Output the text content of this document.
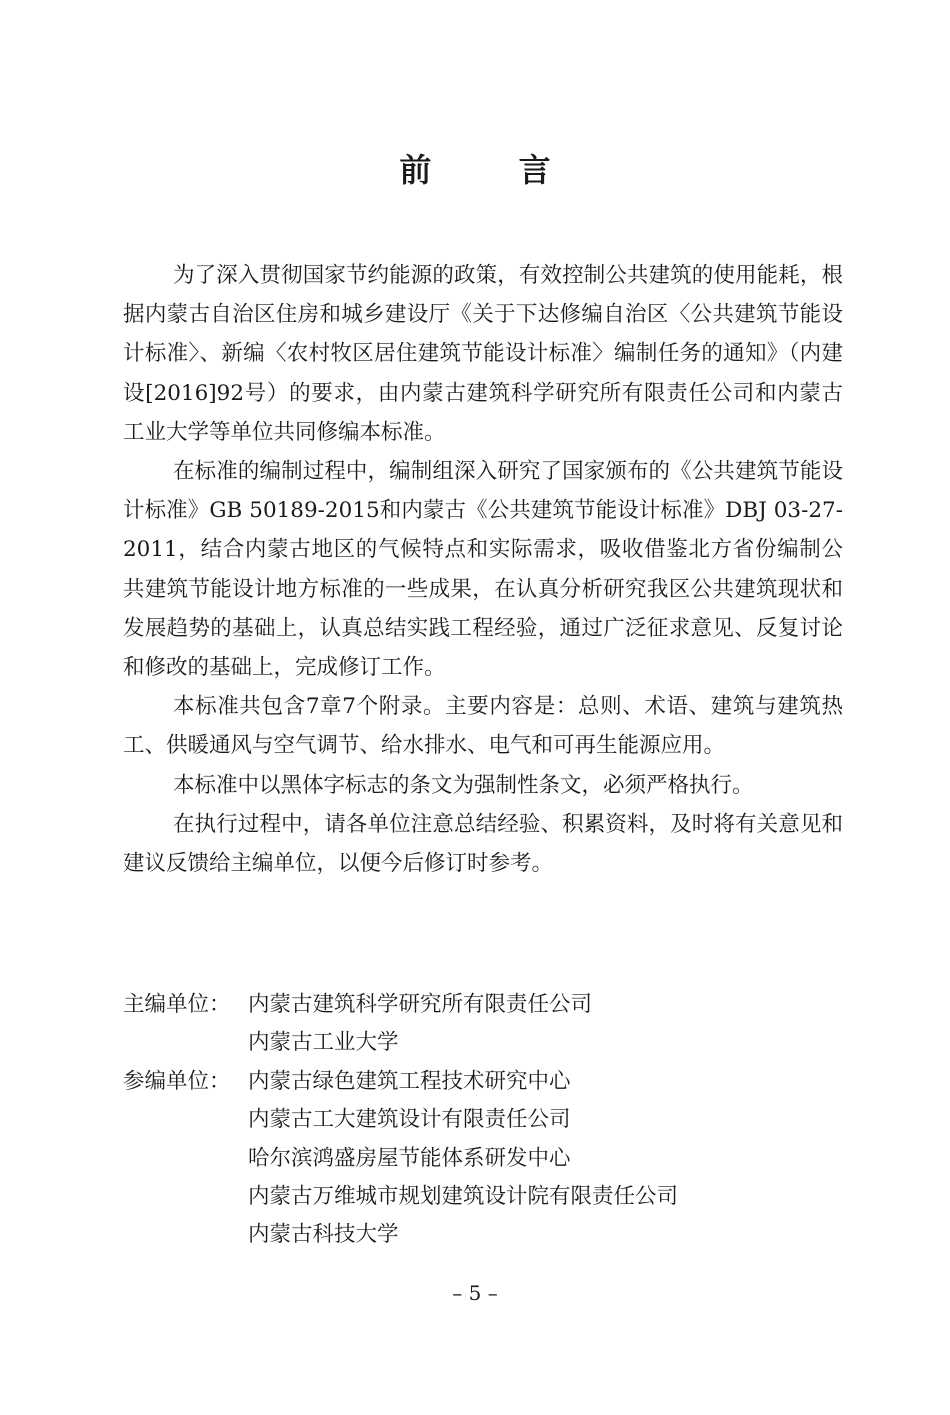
前 言

为了深入贯彻国家节约能源的政策，有效控制公共建筑的使用能耗，根据内蒙古自治区住房和城乡建设厅《关于下达修编自治区〈公共建筑节能设计标准〉、新编〈农村牧区居住建筑节能设计标准〉编制任务的通知》（内建设[2016]92号）的要求，由内蒙古建筑科学研究所有限责任公司和内蒙古工业大学等单位共同修编本标准。

在标准的编制过程中，编制组深入研究了国家颁布的《公共建筑节能设计标准》GB 50189-2015和内蒙古《公共建筑节能设计标准》DBJ 03-27-2011，结合内蒙古地区的气候特点和实际需求，吸收借鉴北方省份编制公共建筑节能设计地方标准的一些成果，在认真分析研究我区公共建筑现状和发展趋势的基础上，认真总结实践工程经验，通过广泛征求意见、反复讨论和修改的基础上，完成修订工作。

本标准共包含7章7个附录。主要内容是：总则、术语、建筑与建筑热工、供暖通风与空气调节、给水排水、电气和可再生能源应用。

本标准中以黑体字标志的条文为强制性条文，必须严格执行。

在执行过程中，请各单位注意总结经验、积累资料，及时将有关意见和建议反馈给主编单位，以便今后修订时参考。

主编单位： 内蒙古建筑科学研究所有限责任公司
内蒙古工业大学
参编单位： 内蒙古绿色建筑工程技术研究中心
内蒙古工大建筑设计有限责任公司
哈尔滨鸿盛房屋节能体系研发中心
内蒙古万维城市规划建筑设计院有限责任公司
内蒙古科技大学
– 5 –
